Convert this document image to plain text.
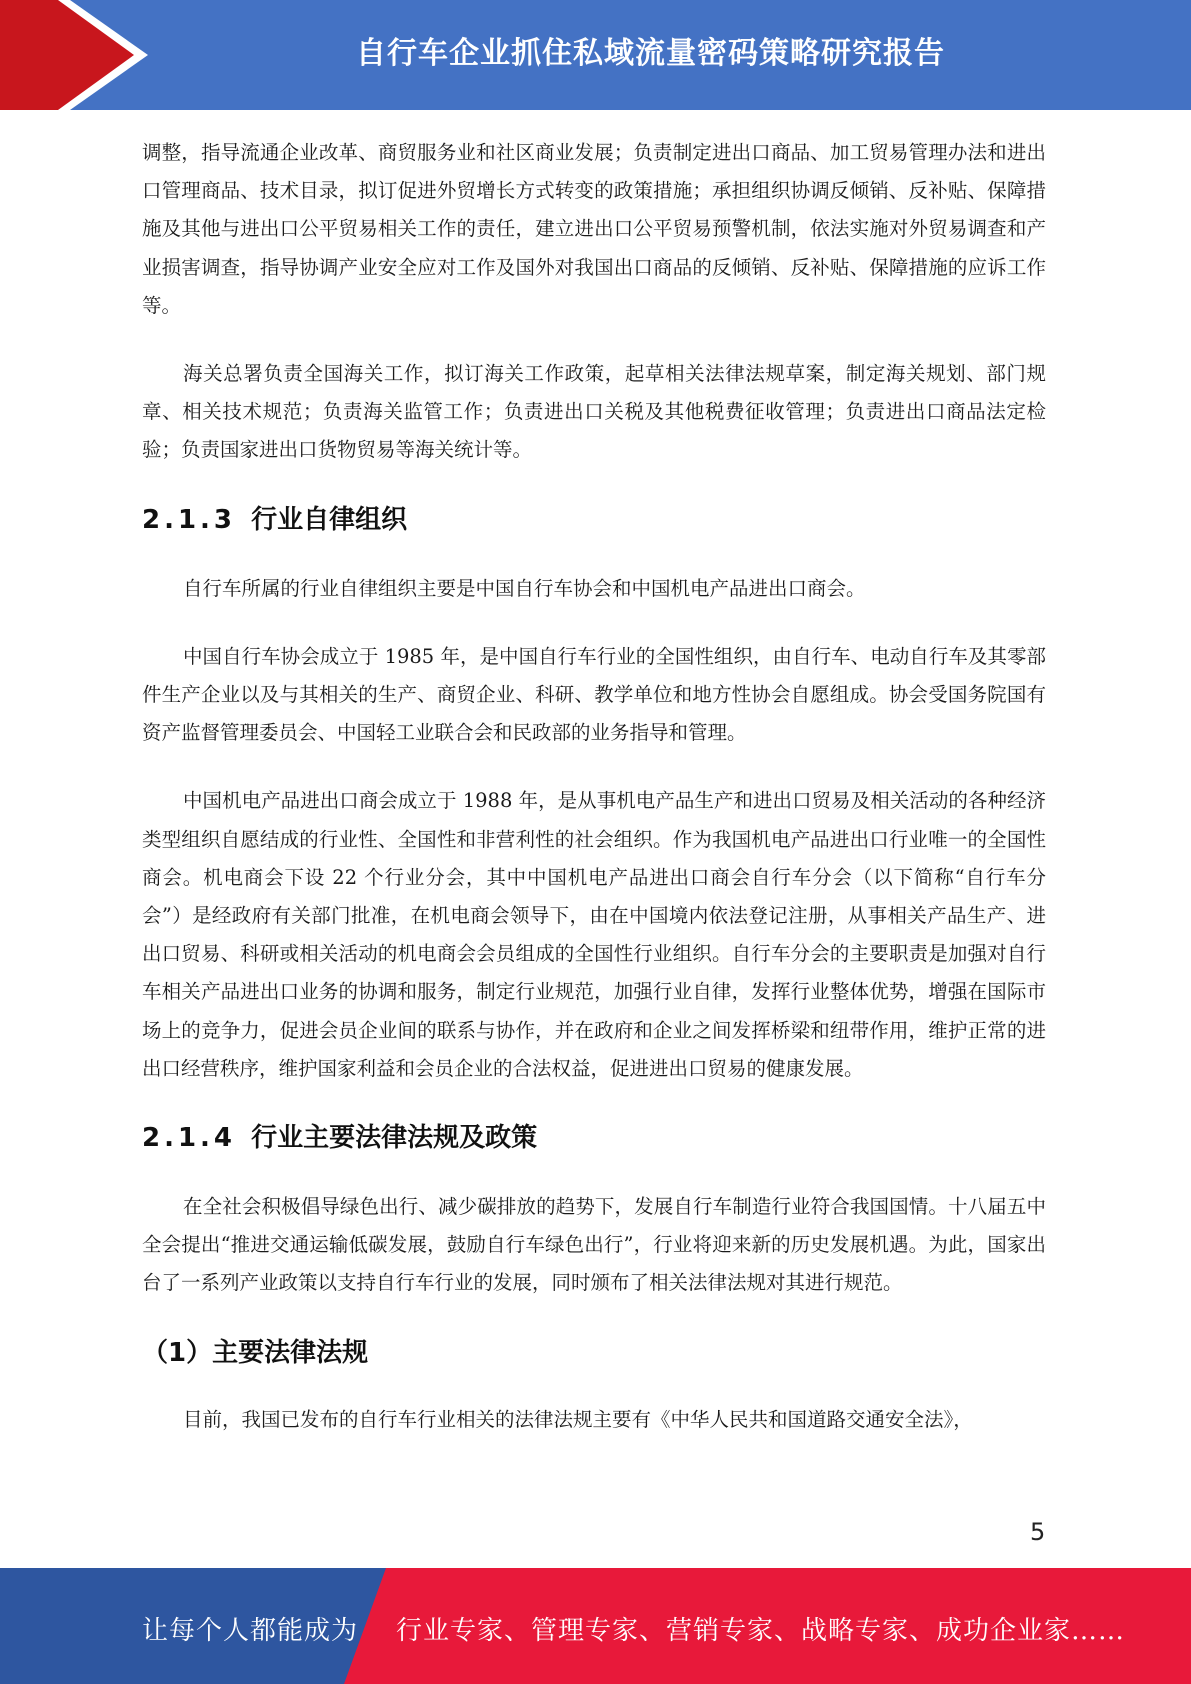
自行车企业抓住私域流量密码策略研究报告

调整，指导流通企业改革、商贸服务业和社区商业发展；负责制定进出口商品、加工贸易管理办法和进出口管理商品、技术目录，拟订促进外贸增长方式转变的政策措施；承担组织协调反倾销、反补贴、保障措施及其他与进出口公平贸易相关工作的责任，建立进出口公平贸易预警机制，依法实施对外贸易调查和产业损害调查，指导协调产业安全应对工作及国外对我国出口商品的反倾销、反补贴、保障措施的应诉工作等。

海关总署负责全国海关工作，拟订海关工作政策，起草相关法律法规草案，制定海关规划、部门规章、相关技术规范；负责海关监管工作；负责进出口关税及其他税费征收管理；负责进出口商品法定检验；负责国家进出口货物贸易等海关统计等。

2.1.3 行业自律组织

自行车所属的行业自律组织主要是中国自行车协会和中国机电产品进出口商会。

中国自行车协会成立于 1985 年，是中国自行车行业的全国性组织，由自行车、电动自行车及其零部件生产企业以及与其相关的生产、商贸企业、科研、教学单位和地方性协会自愿组成。协会受国务院国有资产监督管理委员会、中国轻工业联合会和民政部的业务指导和管理。

中国机电产品进出口商会成立于 1988 年，是从事机电产品生产和进出口贸易及相关活动的各种经济类型组织自愿结成的行业性、全国性和非营利性的社会组织。作为我国机电产品进出口行业唯一的全国性商会。机电商会下设 22 个行业分会，其中中国机电产品进出口商会自行车分会（以下简称“自行车分会”）是经政府有关部门批准，在机电商会领导下，由在中国境内依法登记注册，从事相关产品生产、进出口贸易、科研或相关活动的机电商会会员组成的全国性行业组织。自行车分会的主要职责是加强对自行车相关产品进出口业务的协调和服务，制定行业规范，加强行业自律，发挥行业整体优势，增强在国际市场上的竞争力，促进会员企业间的联系与协作，并在政府和企业之间发挥桥梁和纽带作用，维护正常的进出口经营秩序，维护国家利益和会员企业的合法权益，促进进出口贸易的健康发展。

2.1.4 行业主要法律法规及政策

在全社会积极倡导绿色出行、减少碳排放的趋势下，发展自行车制造行业符合我国国情。十八届五中全会提出“推进交通运输低碳发展，鼓励自行车绿色出行”，行业将迎来新的历史发展机遇。为此，国家出台了一系列产业政策以支持自行车行业的发展，同时颁布了相关法律法规对其进行规范。

（1）主要法律法规

目前，我国已发布的自行车行业相关的法律法规主要有《中华人民共和国道路交通安全法》，

5
让每个人都能成为 行业专家、管理专家、营销专家、战略专家、成功企业家……
